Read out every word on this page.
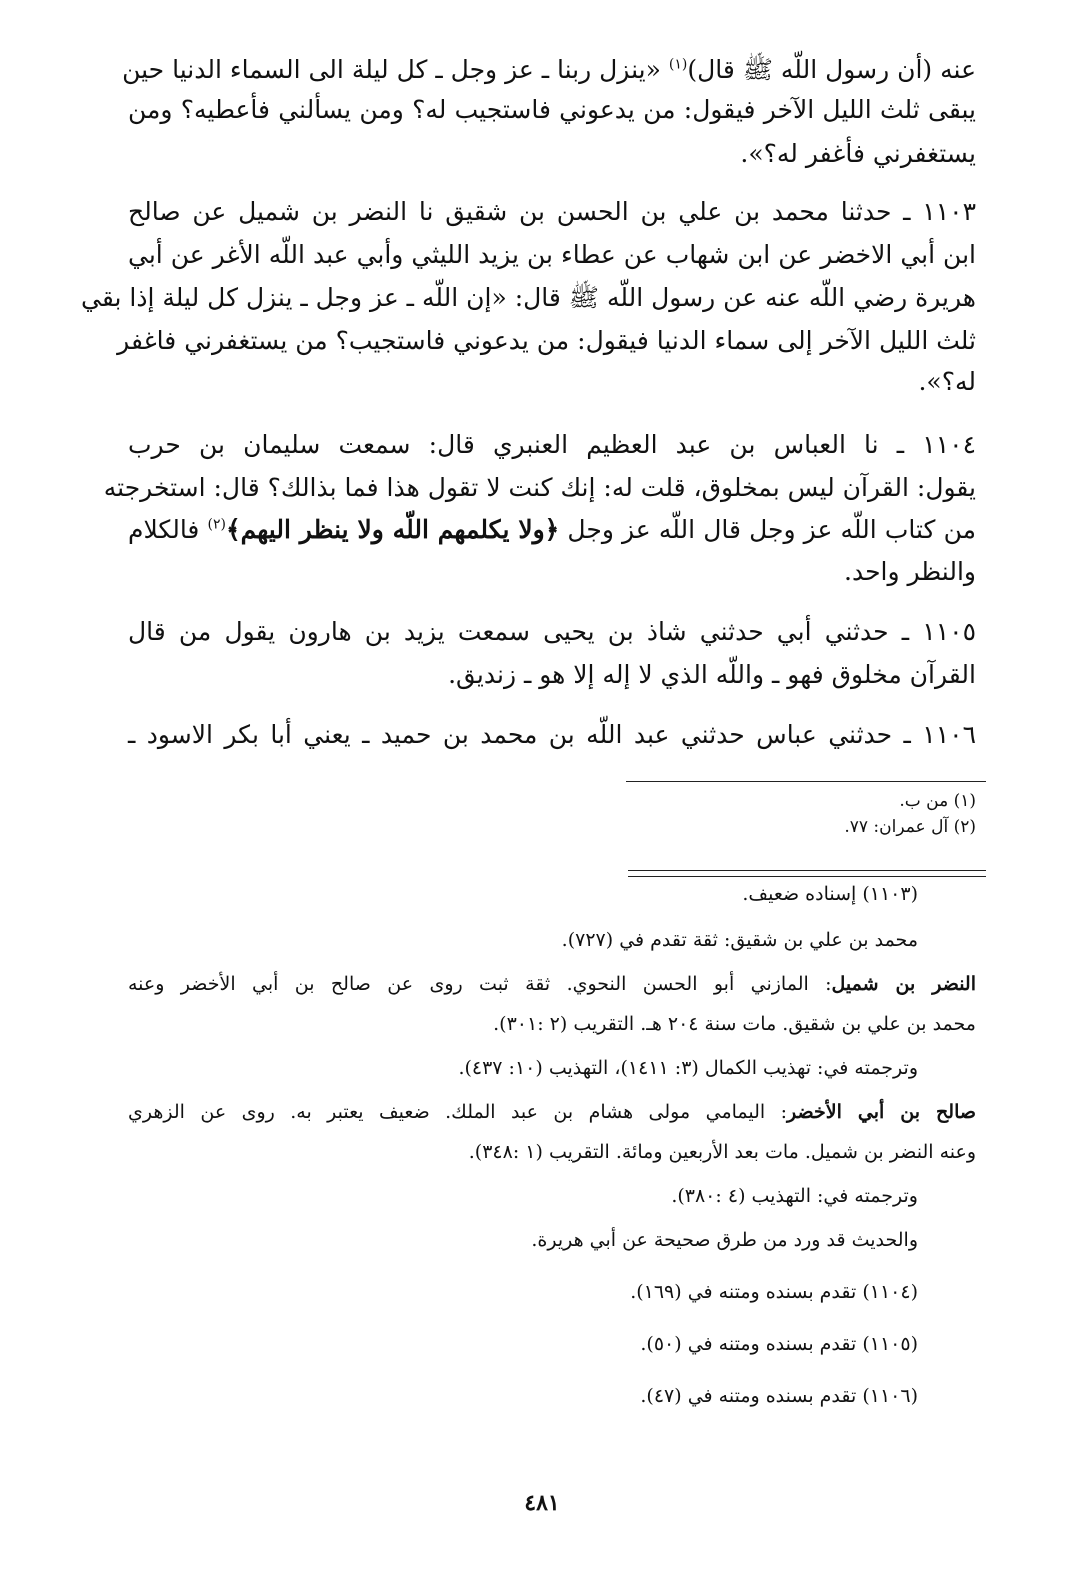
عنه (أن رسول اللّه ﷺ قال)$^{(١)}$ «ينزل ربنا ـ عز وجل ـ كل ليلة الى السماء الدنيا حين
يبقى ثلث الليل الآخر فيقول: من يدعوني فاستجيب له؟ ومن يسألني فأعطيه؟ ومن
يستغفرني فأغفر له؟».
١١٠٣ ـ حدثنا محمد بن علي بن الحسن بن شقيق نا النضر بن شميل عن صالح
ابن أبي الاخضر عن ابن شهاب عن عطاء بن يزيد الليثي وأبي عبد اللّه الأغر عن أبي
هريرة رضي اللّه عنه عن رسول اللّه ﷺ قال: «إن اللّه ـ عز وجل ـ ينزل كل ليلة إذا بقي
ثلث الليل الآخر إلى سماء الدنيا فيقول: من يدعوني فاستجيب؟ من يستغفرني فاغفر
له؟».
١١٠٤ ـ نا العباس بن عبد العظيم العنبري قال: سمعت سليمان بن حرب
يقول: القرآن ليس بمخلوق، قلت له: إنك كنت لا تقول هذا فما بذالك؟ قال: استخرجته
من كتاب اللّه عز وجل قال اللّه عز وجل ﴿ولا يكلمهم اللّه ولا ينظر اليهم﴾$^{(٢)}$ فالكلام
والنظر واحد.
١١٠٥ ـ حدثني أبي حدثني شاذ بن يحيى سمعت يزيد بن هارون يقول من قال
القرآن مخلوق فهو ـ واللّه الذي لا إله إلا هو ـ زنديق.
١١٠٦ ـ حدثني عباس حدثني عبد اللّه بن محمد بن حميد ـ يعني أبا بكر الاسود ـ
(١) من ب.
(٢) آل عمران: ٧٧.
(١١٠٣) إسناده ضعيف.
محمد بن علي بن شقيق: ثقة تقدم في (٧٢٧).
النضر بن شميل: المازني أبو الحسن النحوي. ثقة ثبت روى عن صالح بن أبي الأخضر وعنه
محمد بن علي بن شقيق. مات سنة ٢٠٤ هـ. التقريب (٢ :٣٠١).
وترجمته في: تهذيب الكمال (٣: ١٤١١)، التهذيب (١٠: ٤٣٧).
صالح بن أبي الأخضر: اليمامي مولى هشام بن عبد الملك. ضعيف يعتبر به. روى عن الزهري
وعنه النضر بن شميل. مات بعد الأربعين ومائة. التقريب (١ :٣٤٨).
وترجمته في: التهذيب (٤ :٣٨٠).
والحديث قد ورد من طرق صحيحة عن أبي هريرة.
(١١٠٤) تقدم بسنده ومتنه في (١٦٩).
(١١٠٥) تقدم بسنده ومتنه في (٥٠).
(١١٠٦) تقدم بسنده ومتنه في (٤٧).
٤٨١
